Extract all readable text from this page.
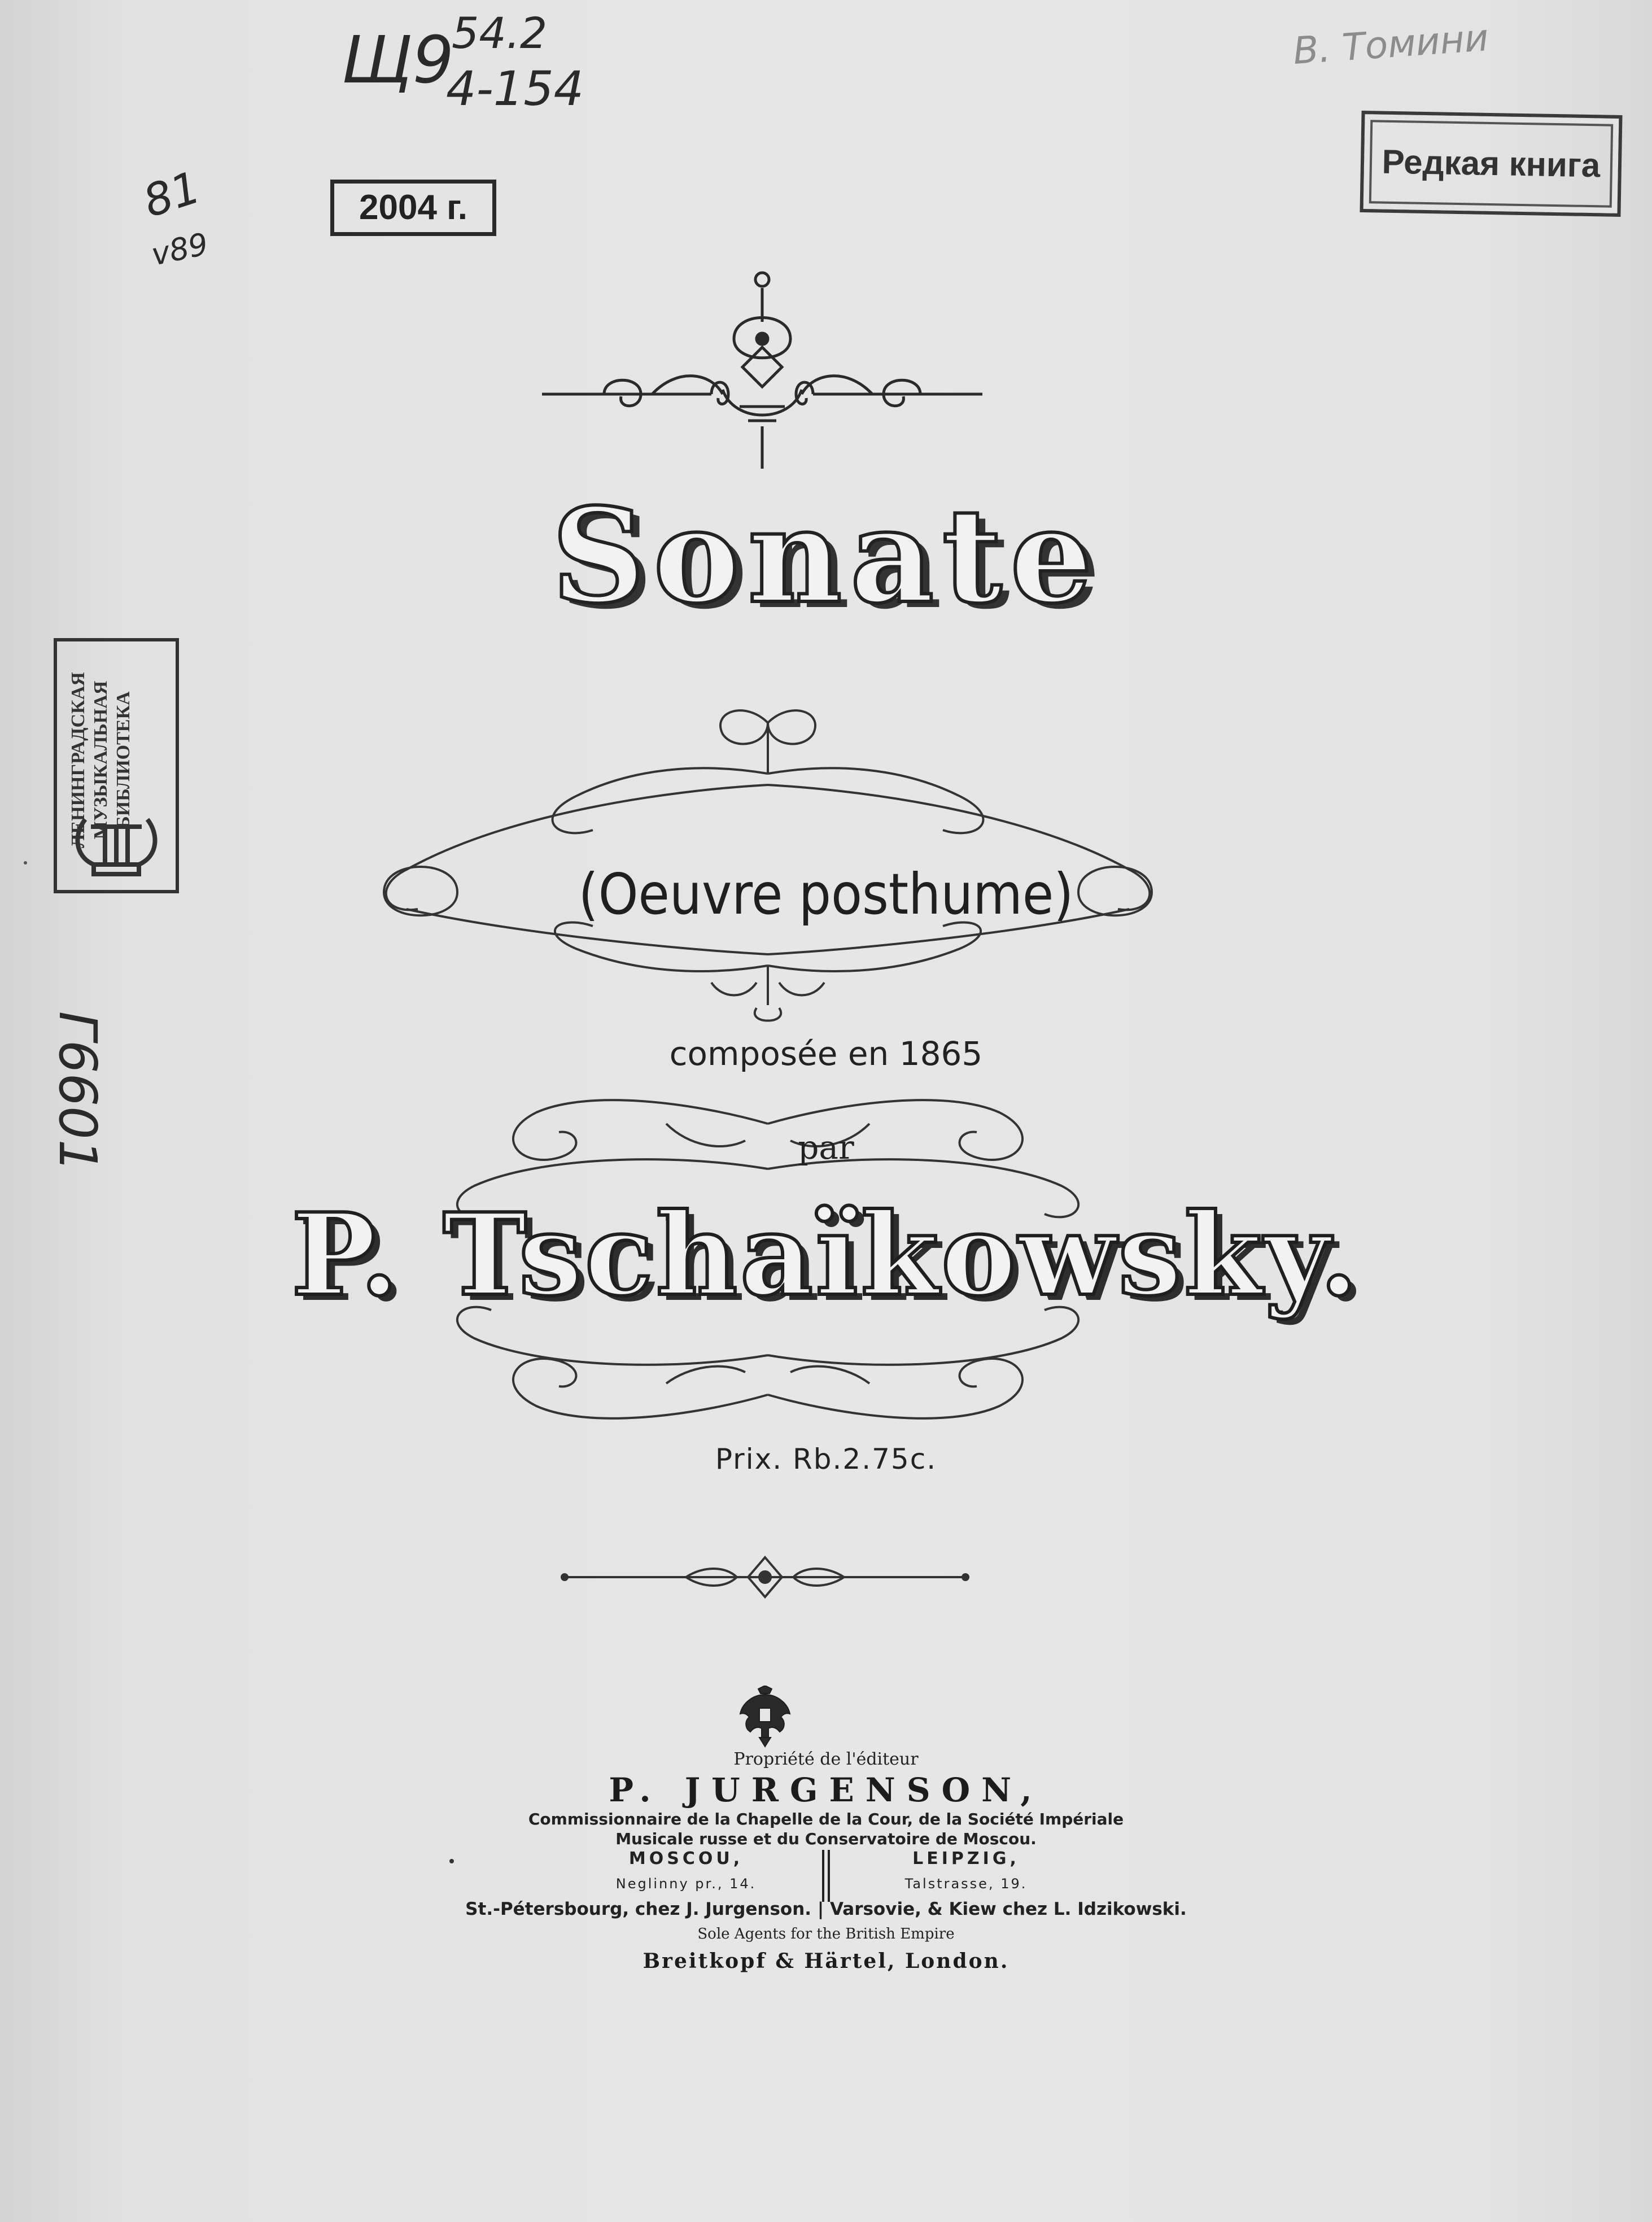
Щ9
54.2
4-154
81
v89
Г6601
В. Томини
2004 г.
Редкая книга
ЛЕНИНГРАДСКАЯ МУЗЫКАЛЬНАЯ БИБЛИОТЕКА
Sonate
(Oeuvre posthume)
composée en 1865
par
P. Tschaïkowsky.
Prix. Rb.2.75c.
Propriété de l'éditeur
P. JURGENSON,
Commissionnaire de la Chapelle de la Cour, de la Société Impériale
Musicale russe et du Conservatoire de Moscou.
MOSCOU,
Neglinny pr., 14.
LEIPZIG,
Talstrasse, 19.
St.-Pétersbourg, chez J. Jurgenson. | Varsovie, & Kiew chez L. Idzikowski.
Sole Agents for the British Empire
Breitkopf & Härtel, London.
